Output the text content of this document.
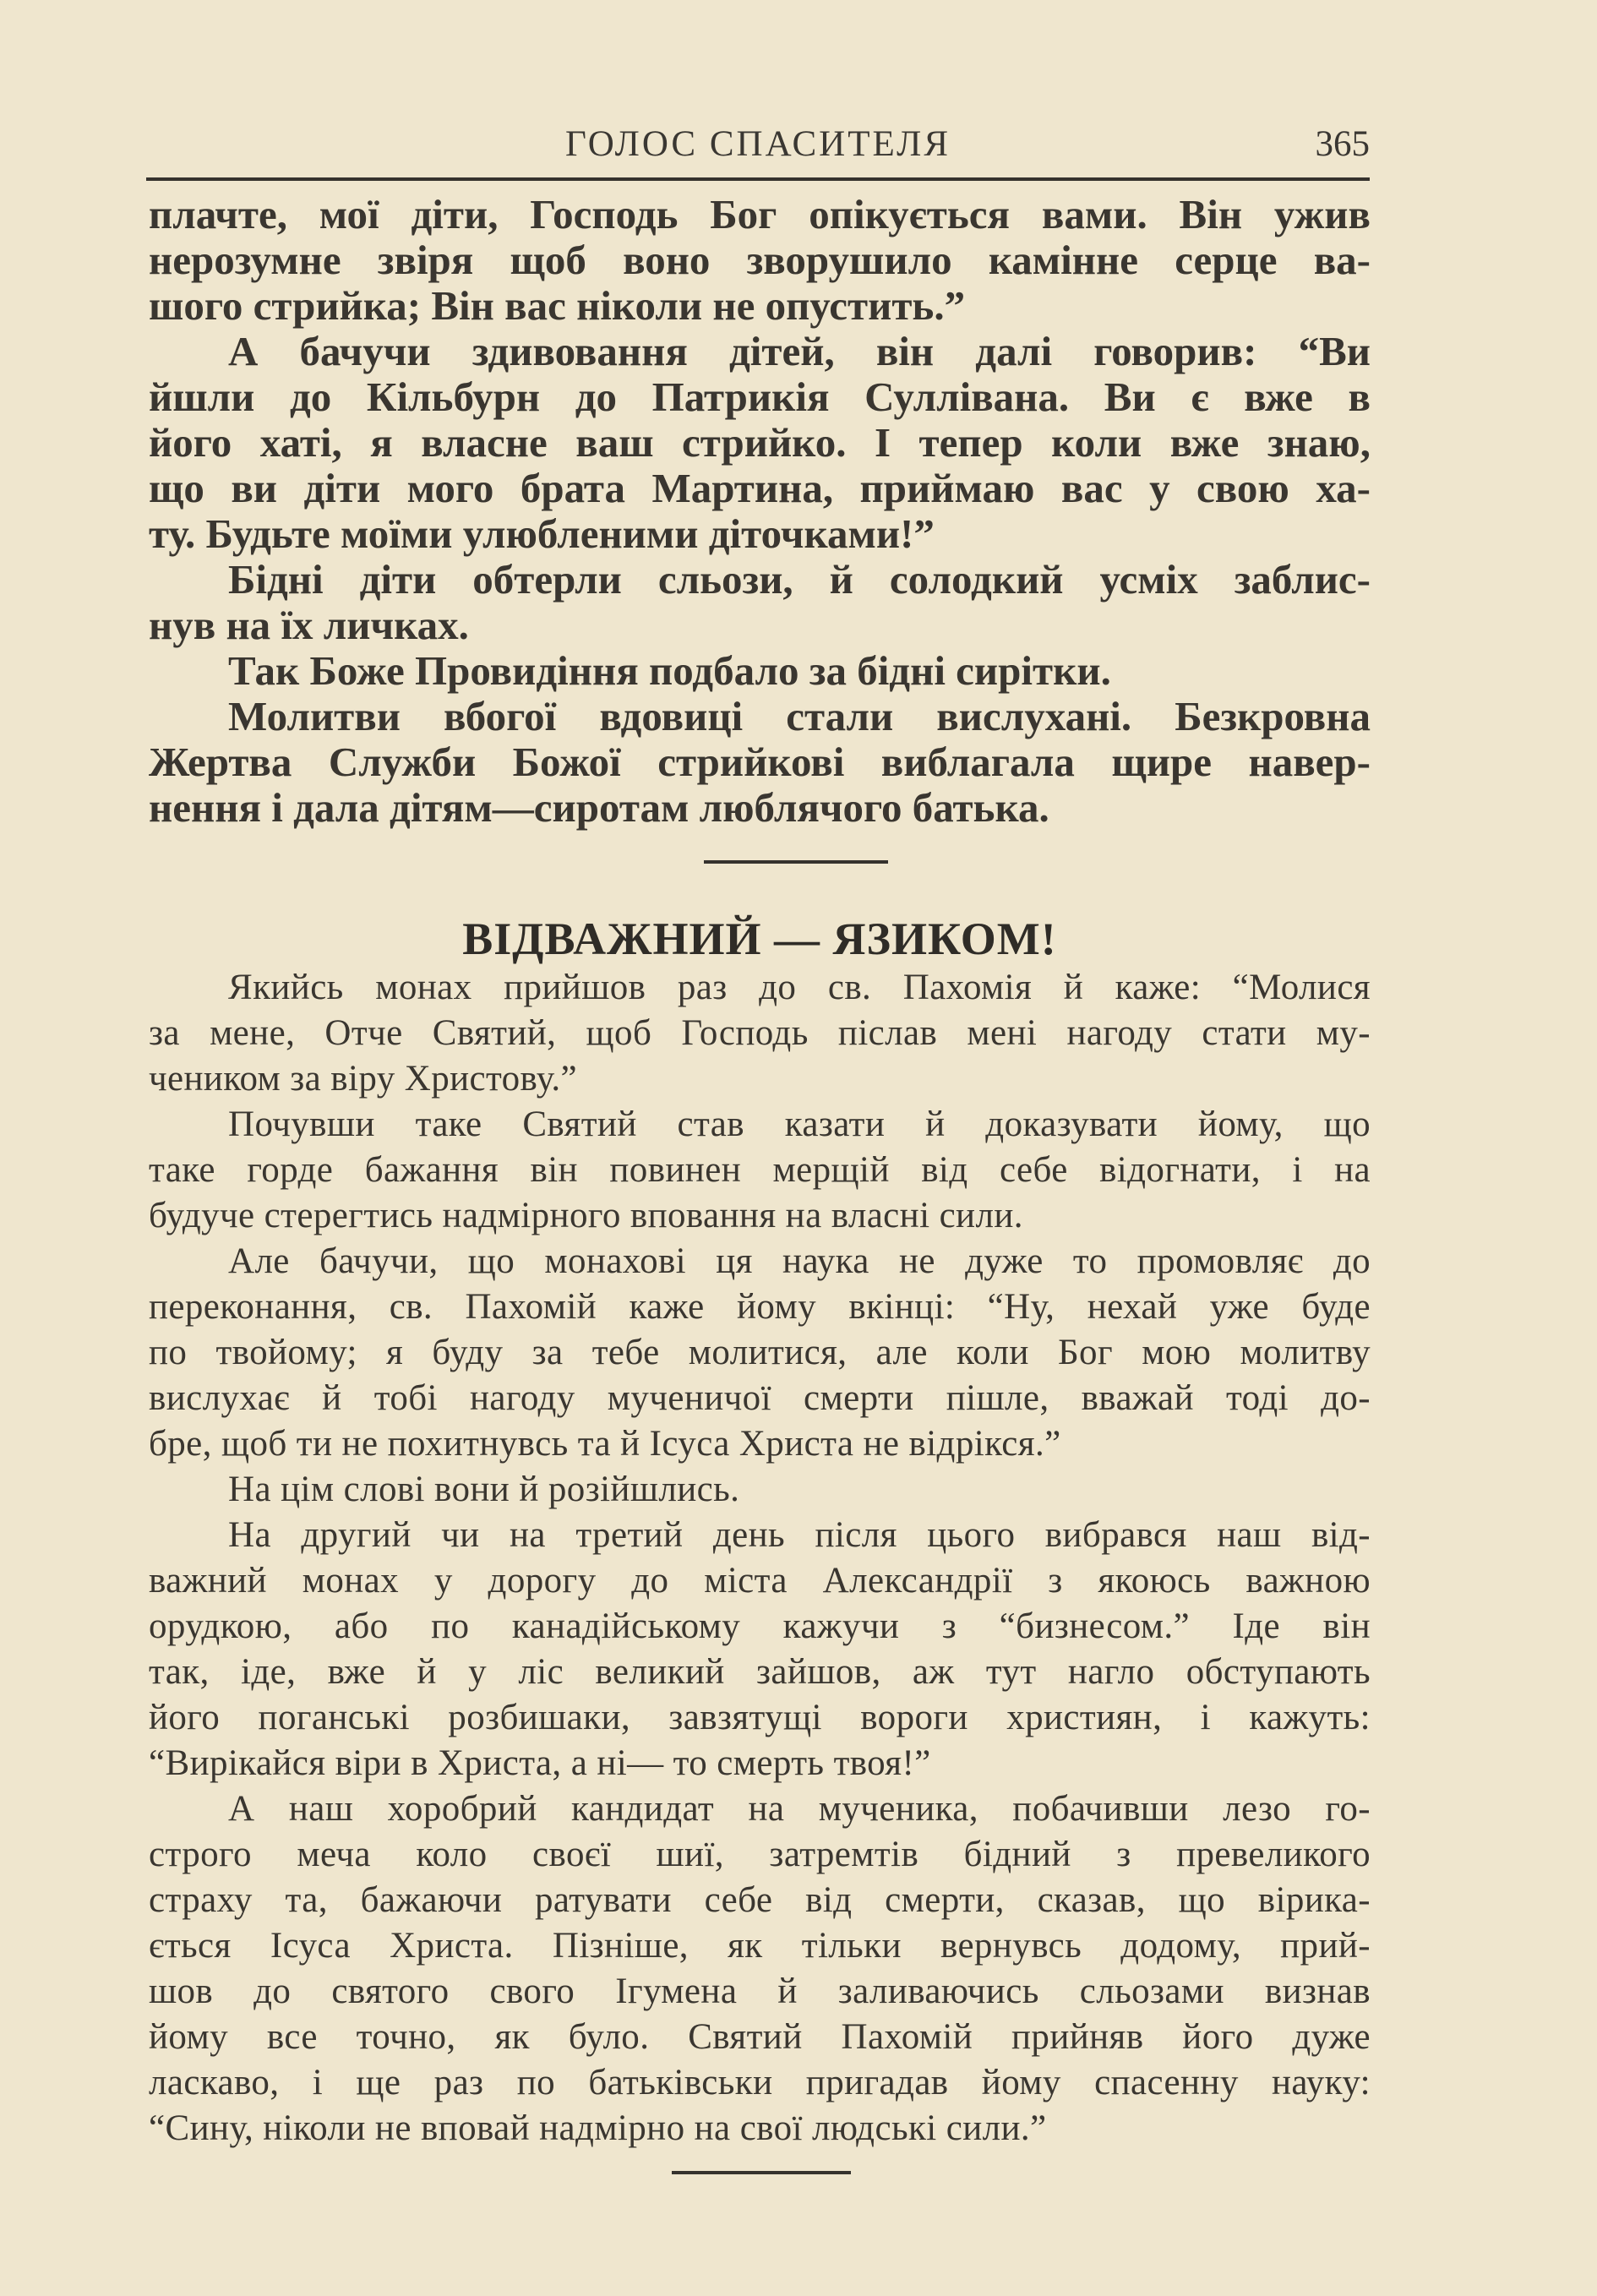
ГОЛОС СПАСИТЕЛЯ	365

плачте, мої діти, Господь Бог опікується вами. Він ужив

нерозумне звіря щоб воно зворушило камінне серце ва-

шого стрийка; Він вас ніколи не опустить.”

А бачучи здивовання дітей, він далі говорив: “Ви

йшли до Кільбурн до Патрикія Суллівана. Ви є вже в

його хаті, я власне ваш стрийко. І тепер коли вже знаю,

що ви діти мого брата Мартина, приймаю вас у свою ха-

ту. Будьте моїми улюбленими діточками!”

Бідні діти обтерли сльози, й солодкий усміх заблис-

нув на їх личках.

Так Боже Провидіння подбало за бідні сирітки.

Молитви вбогої вдовиці стали вислухані. Безкровна

Жертва Служби Божої стрийкові виблагала щире навер-

нення і дала дітям—сиротам люблячого батька.

ВІДВАЖНИЙ — ЯЗИКОМ!

Якийсь монах прийшов раз до св. Пахомія й каже: “Молися

за мене, Отче Святий, щоб Господь післав мені нагоду стати му-

чеником за віру Христову.”

Почувши таке Святий став казати й доказувати йому, що

таке горде бажання він повинен мерщій від себе відогнати, і на

будуче стерегтись надмірного вповання на власні сили.

Але бачучи, що монахові ця наука не дуже то промовляє до

переконання, св. Пахомій каже йому вкінці: “Ну, нехай уже буде

по твойому; я буду за тебе молитися, але коли Бог мою молитву

вислухає й тобі нагоду мученичої смерти пішле, вважай тоді до-

бре, щоб ти не похитнувсь та й Ісуса Христа не відрікся.”

На цім слові вони й розійшлись.

На другий чи на третий день після цього вибрався наш від-

важний монах у дорогу до міста Александрії з якоюсь важною

орудкою, або по канадійському кажучи з “бизнесом.” Іде він

так, іде, вже й у ліс великий зайшов, аж тут нагло обступають

його поганські розбишаки, завзятущі вороги християн, і кажуть:

“Вирікайся віри в Христа, а ні— то смерть твоя!”

А наш хоробрий кандидат на мученика, побачивши лезо го-

строго меча коло своєї шиї, затремтів бідний з превеликого

страху та, бажаючи ратувати себе від смерти, сказав, що вірика-

ється Ісуса Христа. Пізніше, як тільки вернувсь додому, прий-

шов до святого свого Ігумена й заливаючись сльозами визнав

йому все точно, як було. Святий Пахомій прийняв його дуже

ласкаво, і ще раз по батьківськи пригадав йому спасенну науку:

“Сину, ніколи не вповай надмірно на свої людські сили.”
